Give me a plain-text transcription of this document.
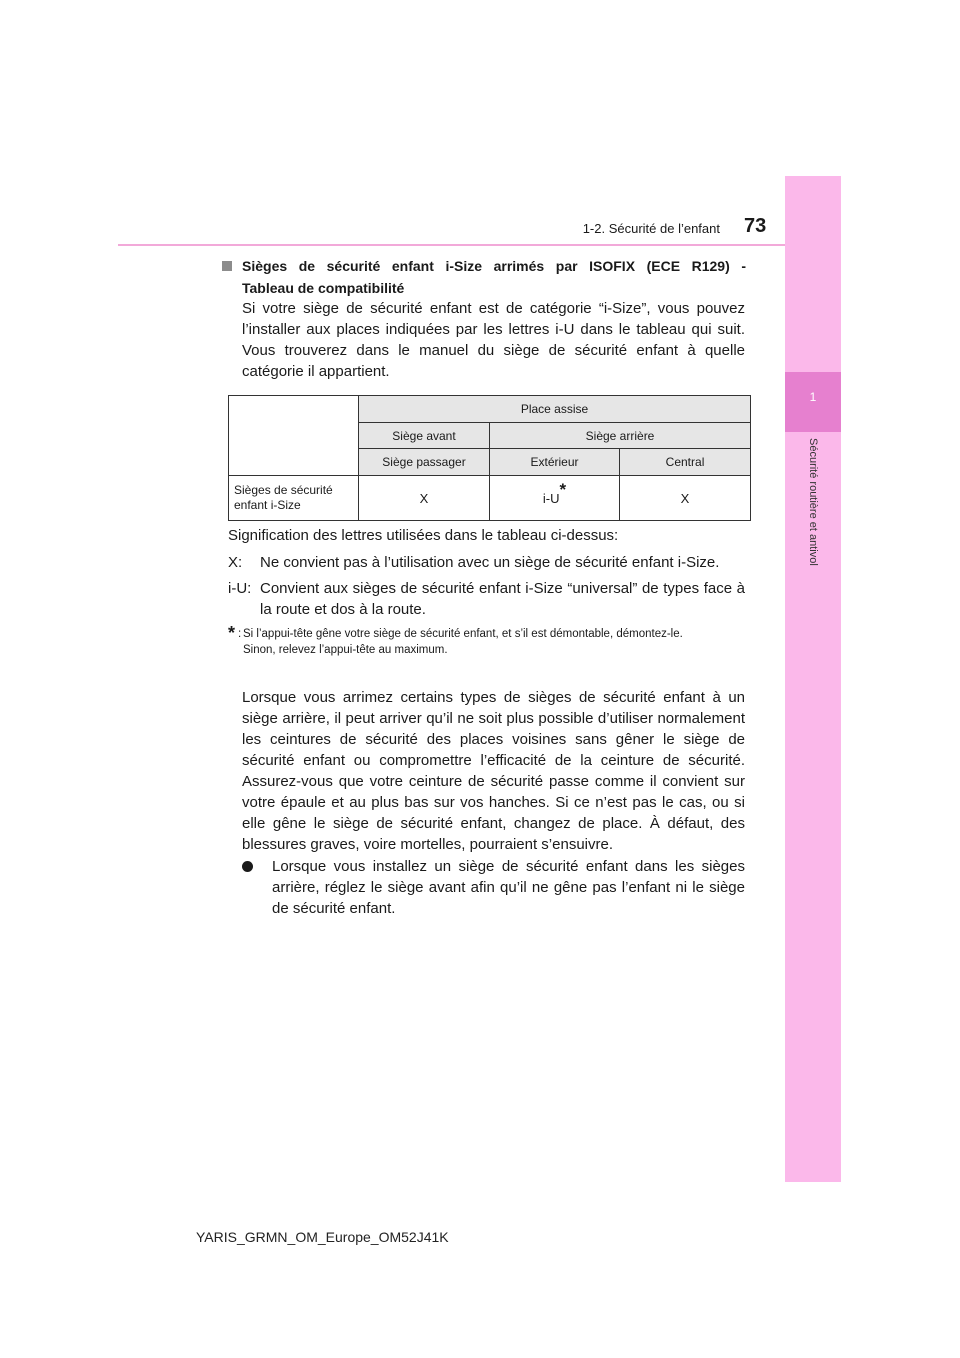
1-2. Sécurité de l’enfant 73
1
Sécurité routière et antivol
Sièges de sécurité enfant i-Size arrimés par ISOFIX (ECE R129) -
Tableau de compatibilité
Si votre siège de sécurité enfant est de catégorie “i-Size”, vous pouvez l’installer aux places indiquées par les lettres i-U dans le tableau qui suit. Vous trouverez dans le manuel du siège de sécurité enfant à quelle catégorie il appartient.
	Place assise		
	Siège avant	Siège arrière	
	Siège passager	Extérieur	Central
Sièges de sécurité enfant i-Size	X	i-U*	X
Signification des lettres utilisées dans le tableau ci-dessus:
X: Ne convient pas à l’utilisation avec un siège de sécurité enfant i-Size.
i-U: Convient aux sièges de sécurité enfant i-Size “universal” de types face à la route et dos à la route.
* : Si l’appui-tête gêne votre siège de sécurité enfant, et s’il est démontable, démontez-le.
Sinon, relevez l’appui-tête au maximum.
Lorsque vous arrimez certains types de sièges de sécurité enfant à un siège arrière, il peut arriver qu’il ne soit plus possible d’utiliser normalement les ceintures de sécurité des places voisines sans gêner le siège de sécurité enfant ou compromettre l’efficacité de la ceinture de sécurité. Assurez-vous que votre ceinture de sécurité passe comme il convient sur votre épaule et au plus bas sur vos hanches. Si ce n’est pas le cas, ou si elle gêne le siège de sécurité enfant, changez de place. À défaut, des blessures graves, voire mortelles, pourraient s’ensuivre.
Lorsque vous installez un siège de sécurité enfant dans les sièges arrière, réglez le siège avant afin qu’il ne gêne pas l’enfant ni le siège de sécurité enfant.
YARIS_GRMN_OM_Europe_OM52J41K
